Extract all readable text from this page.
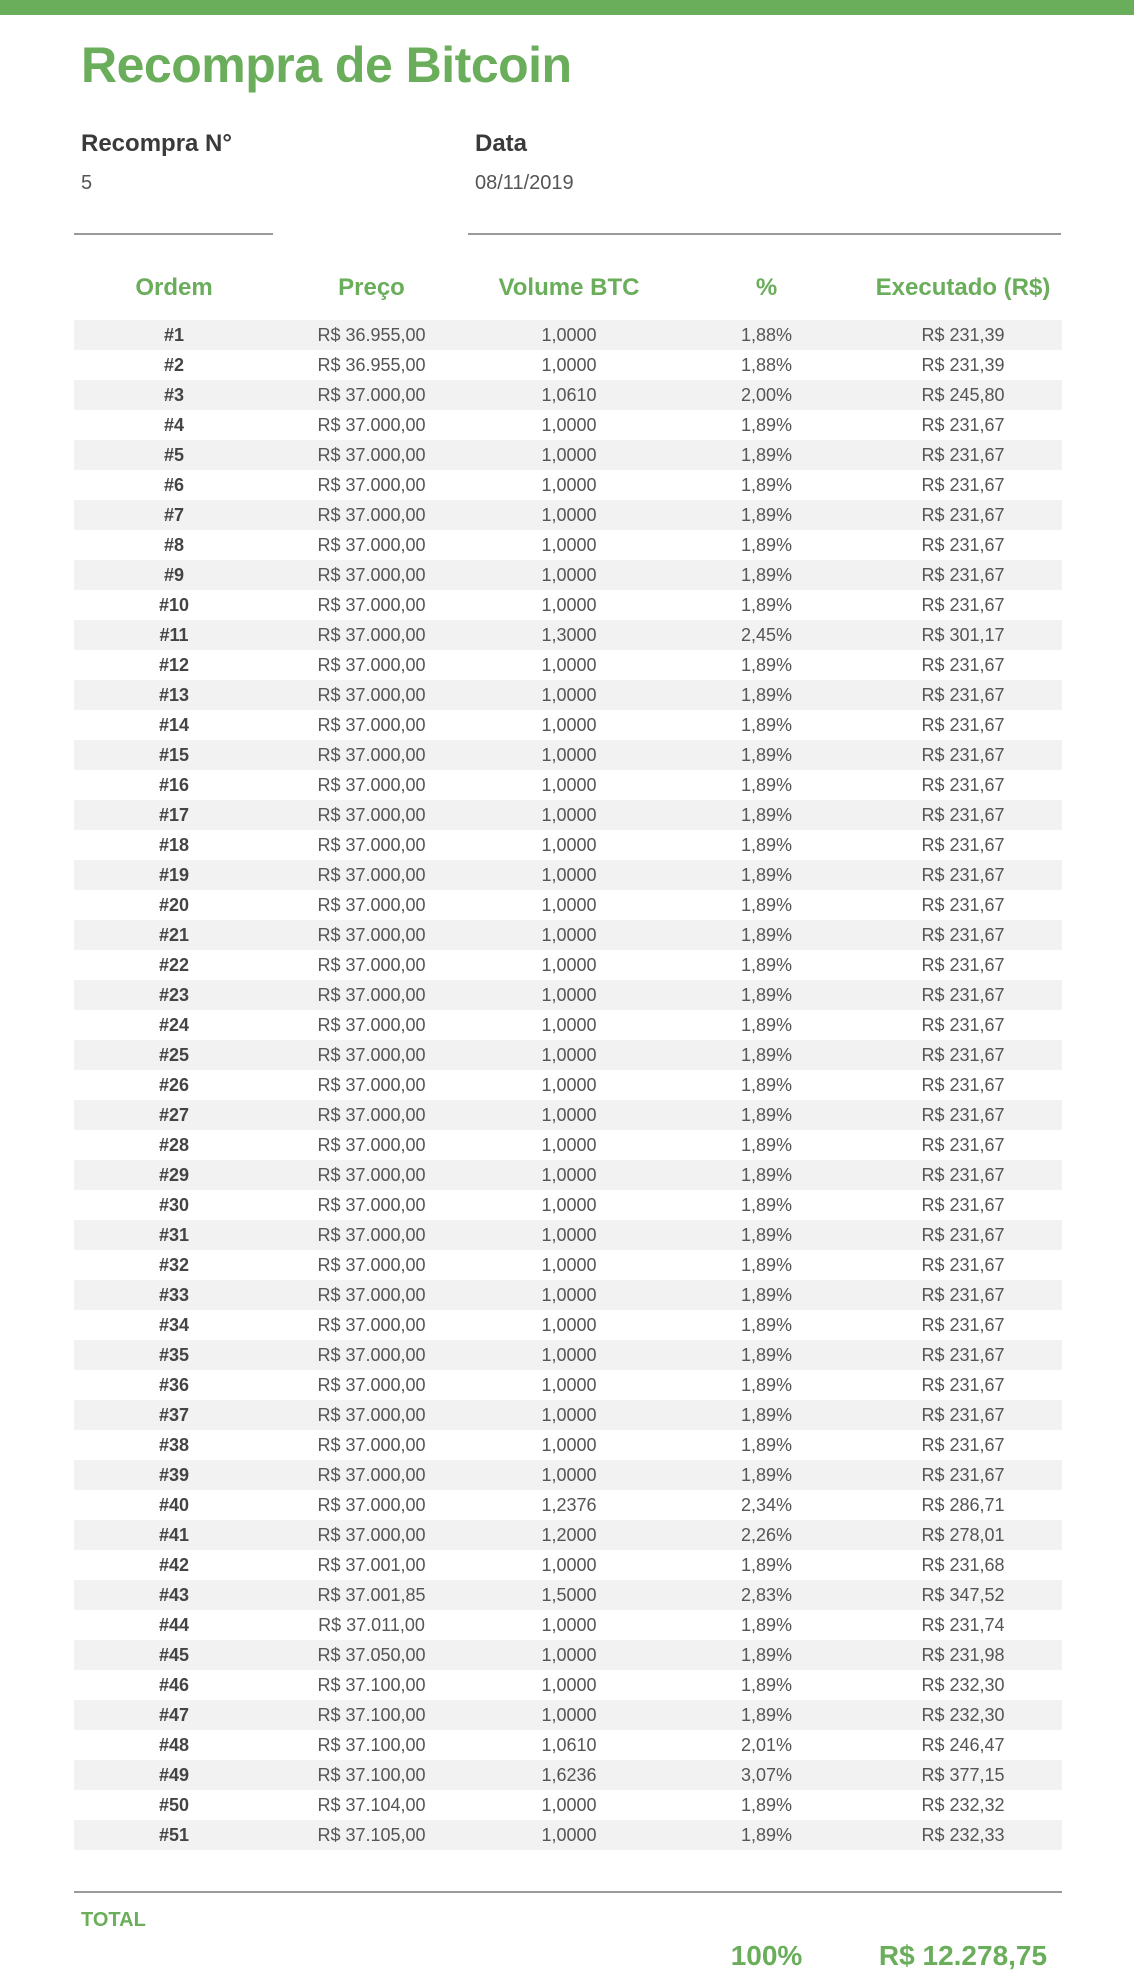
Recompra de Bitcoin
Recompra N°
5
Data
08/11/2019
Ordem	Preço	Volume BTC	%	Executado (R$)
#1	R$ 36.955,00	1,0000	1,88%	R$ 231,39
#2	R$ 36.955,00	1,0000	1,88%	R$ 231,39
#3	R$ 37.000,00	1,0610	2,00%	R$ 245,80
#4	R$ 37.000,00	1,0000	1,89%	R$ 231,67
#5	R$ 37.000,00	1,0000	1,89%	R$ 231,67
#6	R$ 37.000,00	1,0000	1,89%	R$ 231,67
#7	R$ 37.000,00	1,0000	1,89%	R$ 231,67
#8	R$ 37.000,00	1,0000	1,89%	R$ 231,67
#9	R$ 37.000,00	1,0000	1,89%	R$ 231,67
#10	R$ 37.000,00	1,0000	1,89%	R$ 231,67
#11	R$ 37.000,00	1,3000	2,45%	R$ 301,17
#12	R$ 37.000,00	1,0000	1,89%	R$ 231,67
#13	R$ 37.000,00	1,0000	1,89%	R$ 231,67
#14	R$ 37.000,00	1,0000	1,89%	R$ 231,67
#15	R$ 37.000,00	1,0000	1,89%	R$ 231,67
#16	R$ 37.000,00	1,0000	1,89%	R$ 231,67
#17	R$ 37.000,00	1,0000	1,89%	R$ 231,67
#18	R$ 37.000,00	1,0000	1,89%	R$ 231,67
#19	R$ 37.000,00	1,0000	1,89%	R$ 231,67
#20	R$ 37.000,00	1,0000	1,89%	R$ 231,67
#21	R$ 37.000,00	1,0000	1,89%	R$ 231,67
#22	R$ 37.000,00	1,0000	1,89%	R$ 231,67
#23	R$ 37.000,00	1,0000	1,89%	R$ 231,67
#24	R$ 37.000,00	1,0000	1,89%	R$ 231,67
#25	R$ 37.000,00	1,0000	1,89%	R$ 231,67
#26	R$ 37.000,00	1,0000	1,89%	R$ 231,67
#27	R$ 37.000,00	1,0000	1,89%	R$ 231,67
#28	R$ 37.000,00	1,0000	1,89%	R$ 231,67
#29	R$ 37.000,00	1,0000	1,89%	R$ 231,67
#30	R$ 37.000,00	1,0000	1,89%	R$ 231,67
#31	R$ 37.000,00	1,0000	1,89%	R$ 231,67
#32	R$ 37.000,00	1,0000	1,89%	R$ 231,67
#33	R$ 37.000,00	1,0000	1,89%	R$ 231,67
#34	R$ 37.000,00	1,0000	1,89%	R$ 231,67
#35	R$ 37.000,00	1,0000	1,89%	R$ 231,67
#36	R$ 37.000,00	1,0000	1,89%	R$ 231,67
#37	R$ 37.000,00	1,0000	1,89%	R$ 231,67
#38	R$ 37.000,00	1,0000	1,89%	R$ 231,67
#39	R$ 37.000,00	1,0000	1,89%	R$ 231,67
#40	R$ 37.000,00	1,2376	2,34%	R$ 286,71
#41	R$ 37.000,00	1,2000	2,26%	R$ 278,01
#42	R$ 37.001,00	1,0000	1,89%	R$ 231,68
#43	R$ 37.001,85	1,5000	2,83%	R$ 347,52
#44	R$ 37.011,00	1,0000	1,89%	R$ 231,74
#45	R$ 37.050,00	1,0000	1,89%	R$ 231,98
#46	R$ 37.100,00	1,0000	1,89%	R$ 232,30
#47	R$ 37.100,00	1,0000	1,89%	R$ 232,30
#48	R$ 37.100,00	1,0610	2,01%	R$ 246,47
#49	R$ 37.100,00	1,6236	3,07%	R$ 377,15
#50	R$ 37.104,00	1,0000	1,89%	R$ 232,32
#51	R$ 37.105,00	1,0000	1,89%	R$ 232,33
TOTAL
100%	R$ 12.278,75
